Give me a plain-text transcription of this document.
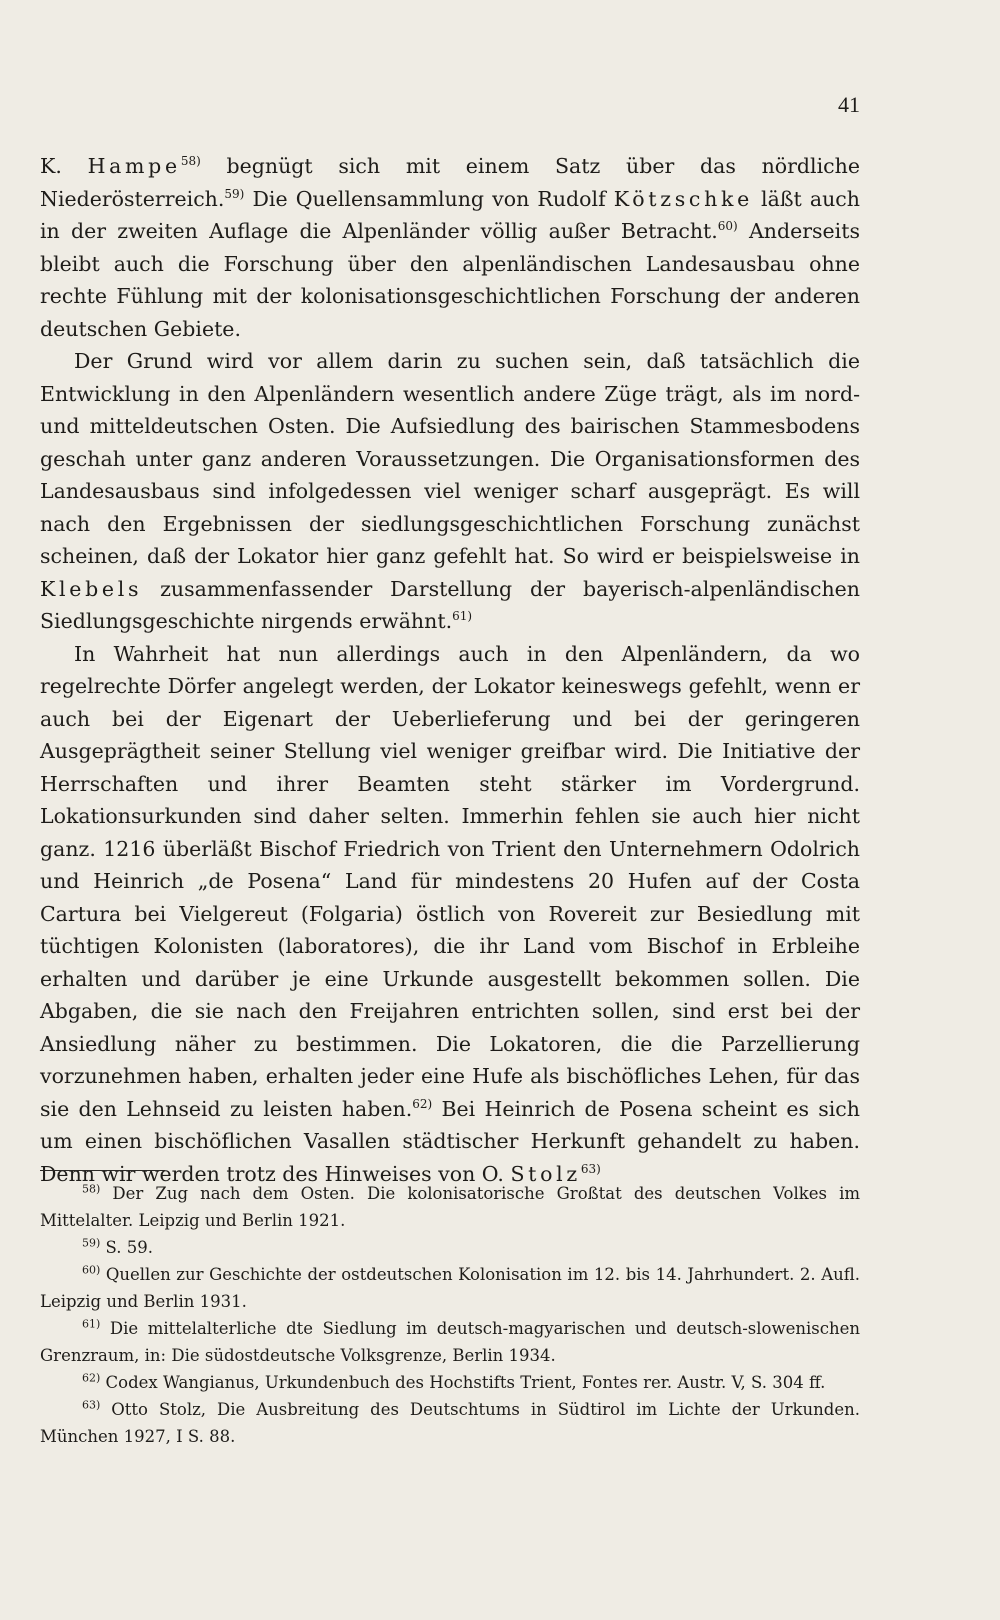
41

K. Hampe$^{58)}$ begnügt sich mit einem Satz über das nördliche Niederösterreich.$^{59)}$ Die Quellensammlung von Rudolf Kötzschke läßt auch in der zweiten Auflage die Alpenländer völlig außer Betracht.$^{60)}$ Anderseits bleibt auch die Forschung über den alpenländischen Landesausbau ohne rechte Fühlung mit der kolonisationsgeschichtlichen Forschung der anderen deutschen Gebiete.

Der Grund wird vor allem darin zu suchen sein, daß tatsächlich die Entwicklung in den Alpenländern wesentlich andere Züge trägt, als im nord- und mitteldeutschen Osten. Die Aufsiedlung des bairischen Stammesbodens geschah unter ganz anderen Voraussetzungen. Die Organisationsformen des Landesausbaus sind infolgedessen viel weniger scharf ausgeprägt. Es will nach den Ergebnissen der siedlungsgeschichtlichen Forschung zunächst scheinen, daß der Lokator hier ganz gefehlt hat. So wird er beispielsweise in Klebels zusammenfassender Darstellung der bayerisch-alpenländischen Siedlungsgeschichte nirgends erwähnt.$^{61)}$

In Wahrheit hat nun allerdings auch in den Alpenländern, da wo regelrechte Dörfer angelegt werden, der Lokator keineswegs gefehlt, wenn er auch bei der Eigenart der Ueberlieferung und bei der geringeren Ausgeprägtheit seiner Stellung viel weniger greifbar wird. Die Initiative der Herrschaften und ihrer Beamten steht stärker im Vordergrund. Lokationsurkunden sind daher selten. Immerhin fehlen sie auch hier nicht ganz. 1216 überläßt Bischof Friedrich von Trient den Unternehmern Odolrich und Heinrich „de Posena“ Land für mindestens 20 Hufen auf der Costa Cartura bei Vielgereut (Folgaria) östlich von Rovereit zur Besiedlung mit tüchtigen Kolonisten (laboratores), die ihr Land vom Bischof in Erbleihe erhalten und darüber je eine Urkunde ausgestellt bekommen sollen. Die Abgaben, die sie nach den Freijahren entrichten sollen, sind erst bei der Ansiedlung näher zu bestimmen. Die Lokatoren, die die Parzellierung vorzunehmen haben, erhalten jeder eine Hufe als bischöfliches Lehen, für das sie den Lehnseid zu leisten haben.$^{62)}$ Bei Heinrich de Posena scheint es sich um einen bischöflichen Vasallen städtischer Herkunft gehandelt zu haben. Denn wir werden trotz des Hinweises von O. Stolz$^{63)}$

$^{58)}$ Der Zug nach dem Osten. Die kolonisatorische Großtat des deutschen Volkes im Mittelalter. Leipzig und Berlin 1921.

$^{59)}$ S. 59.

$^{60)}$ Quellen zur Geschichte der ostdeutschen Kolonisation im 12. bis 14. Jahrhundert. 2. Aufl. Leipzig und Berlin 1931.

$^{61)}$ Die mittelalterliche dte Siedlung im deutsch-magyarischen und deutsch-slowenischen Grenzraum, in: Die südostdeutsche Volksgrenze, Berlin 1934.

$^{62)}$ Codex Wangianus, Urkundenbuch des Hochstifts Trient, Fontes rer. Austr. V, S. 304 ff.

$^{63)}$ Otto Stolz, Die Ausbreitung des Deutschtums in Südtirol im Lichte der Urkunden. München 1927, I S. 88.
